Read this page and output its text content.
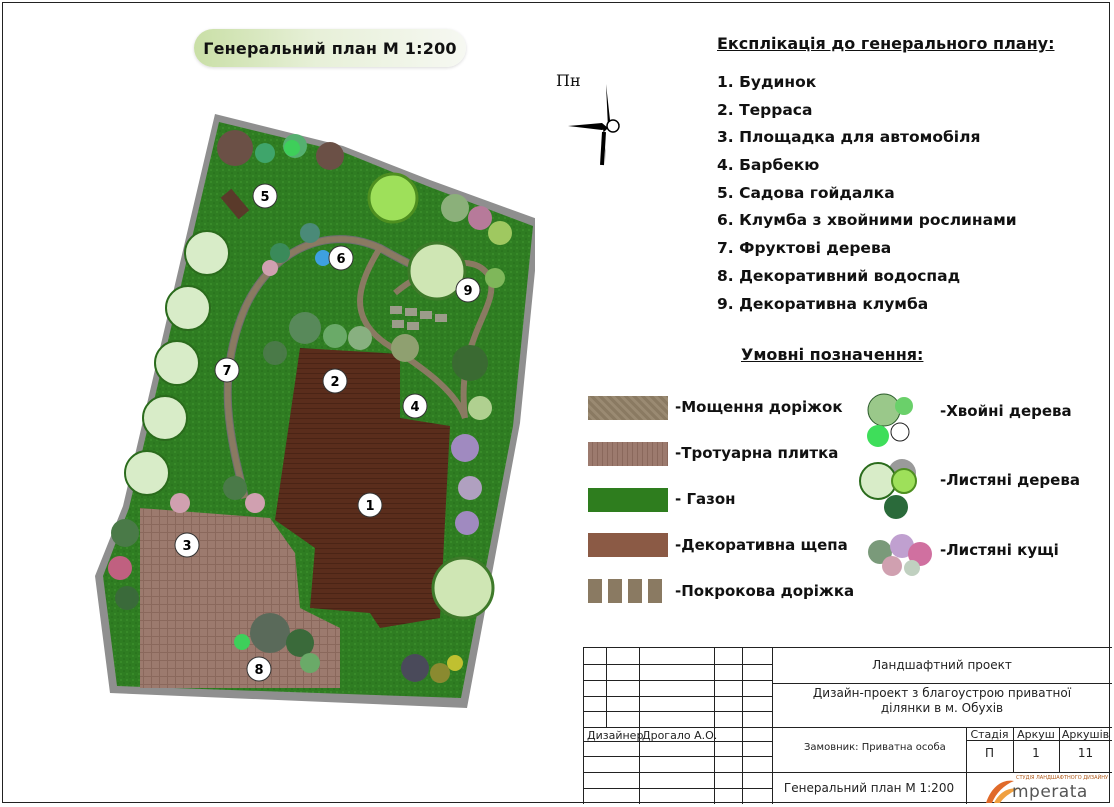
Генеральний план М 1:200
Пн
1
2
3
4
5
6
7
8
9
Експлікація до генерального плану:
1. Будинок
2. Терраса
3. Площадка для автомобіля
4. Барбекю
5. Садова гойдалка
6. Клумба з хвойними рослинами
7. Фруктові дерева
8. Декоративний водоспад
9. Декоративна клумба
Умовні позначення:
-Мощення доріжок
-Тротуарна плитка
- Газон
-Декоративна щепа
-Покрокова доріжка
-Хвойні дерева
-Листяні дерева
-Листяні кущі
Ландшафтний проект
Дизайн-проект з благоустрою приватної
ділянки в м. Обухів
Дизайнер
Дрогало А.О.
Замовник: Приватна особа
Стадія Аркуш Аркушів
П	1	11
Генеральний план М 1:200	mperata
СТУДІЯ ЛАНДШАФТНОГО ДИЗАЙНУ
